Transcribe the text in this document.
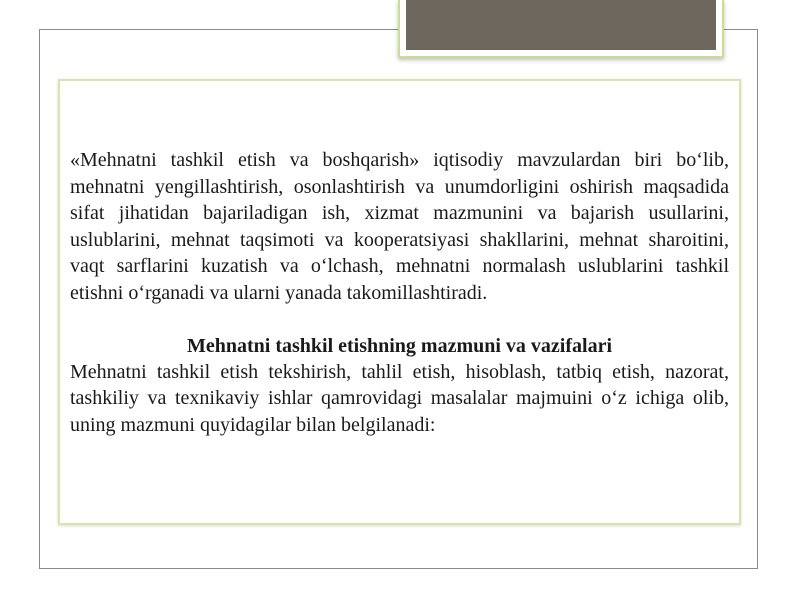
«Mehnatni tashkil etish va boshqarish» iqtisodiy mavzulardan biri bo‘lib, mehnatni yengillashtirish, osonlashtirish va unumdorligini oshirish maqsadida sifat jihatidan bajariladigan ish, xizmat mazmunini va bajarish usullarini, uslublarini, mehnat taqsimoti va kooperatsiyasi shakllarini, mehnat sharoitini, vaqt sarflarini kuzatish va o‘lchash, mehnatni normalash uslublarini tashkil etishni o‘rganadi va ularni yanada takomillashtiradi.

Mehnatni tashkil etishning mazmuni va vazifalari

Mehnatni tashkil etish tekshirish, tahlil etish, hisoblash, tatbiq etish, nazorat, tashkiliy va texnikaviy ishlar qamrovidagi masalalar majmuini o‘z ichiga olib, uning mazmuni quyidagilar bilan belgilanadi:
